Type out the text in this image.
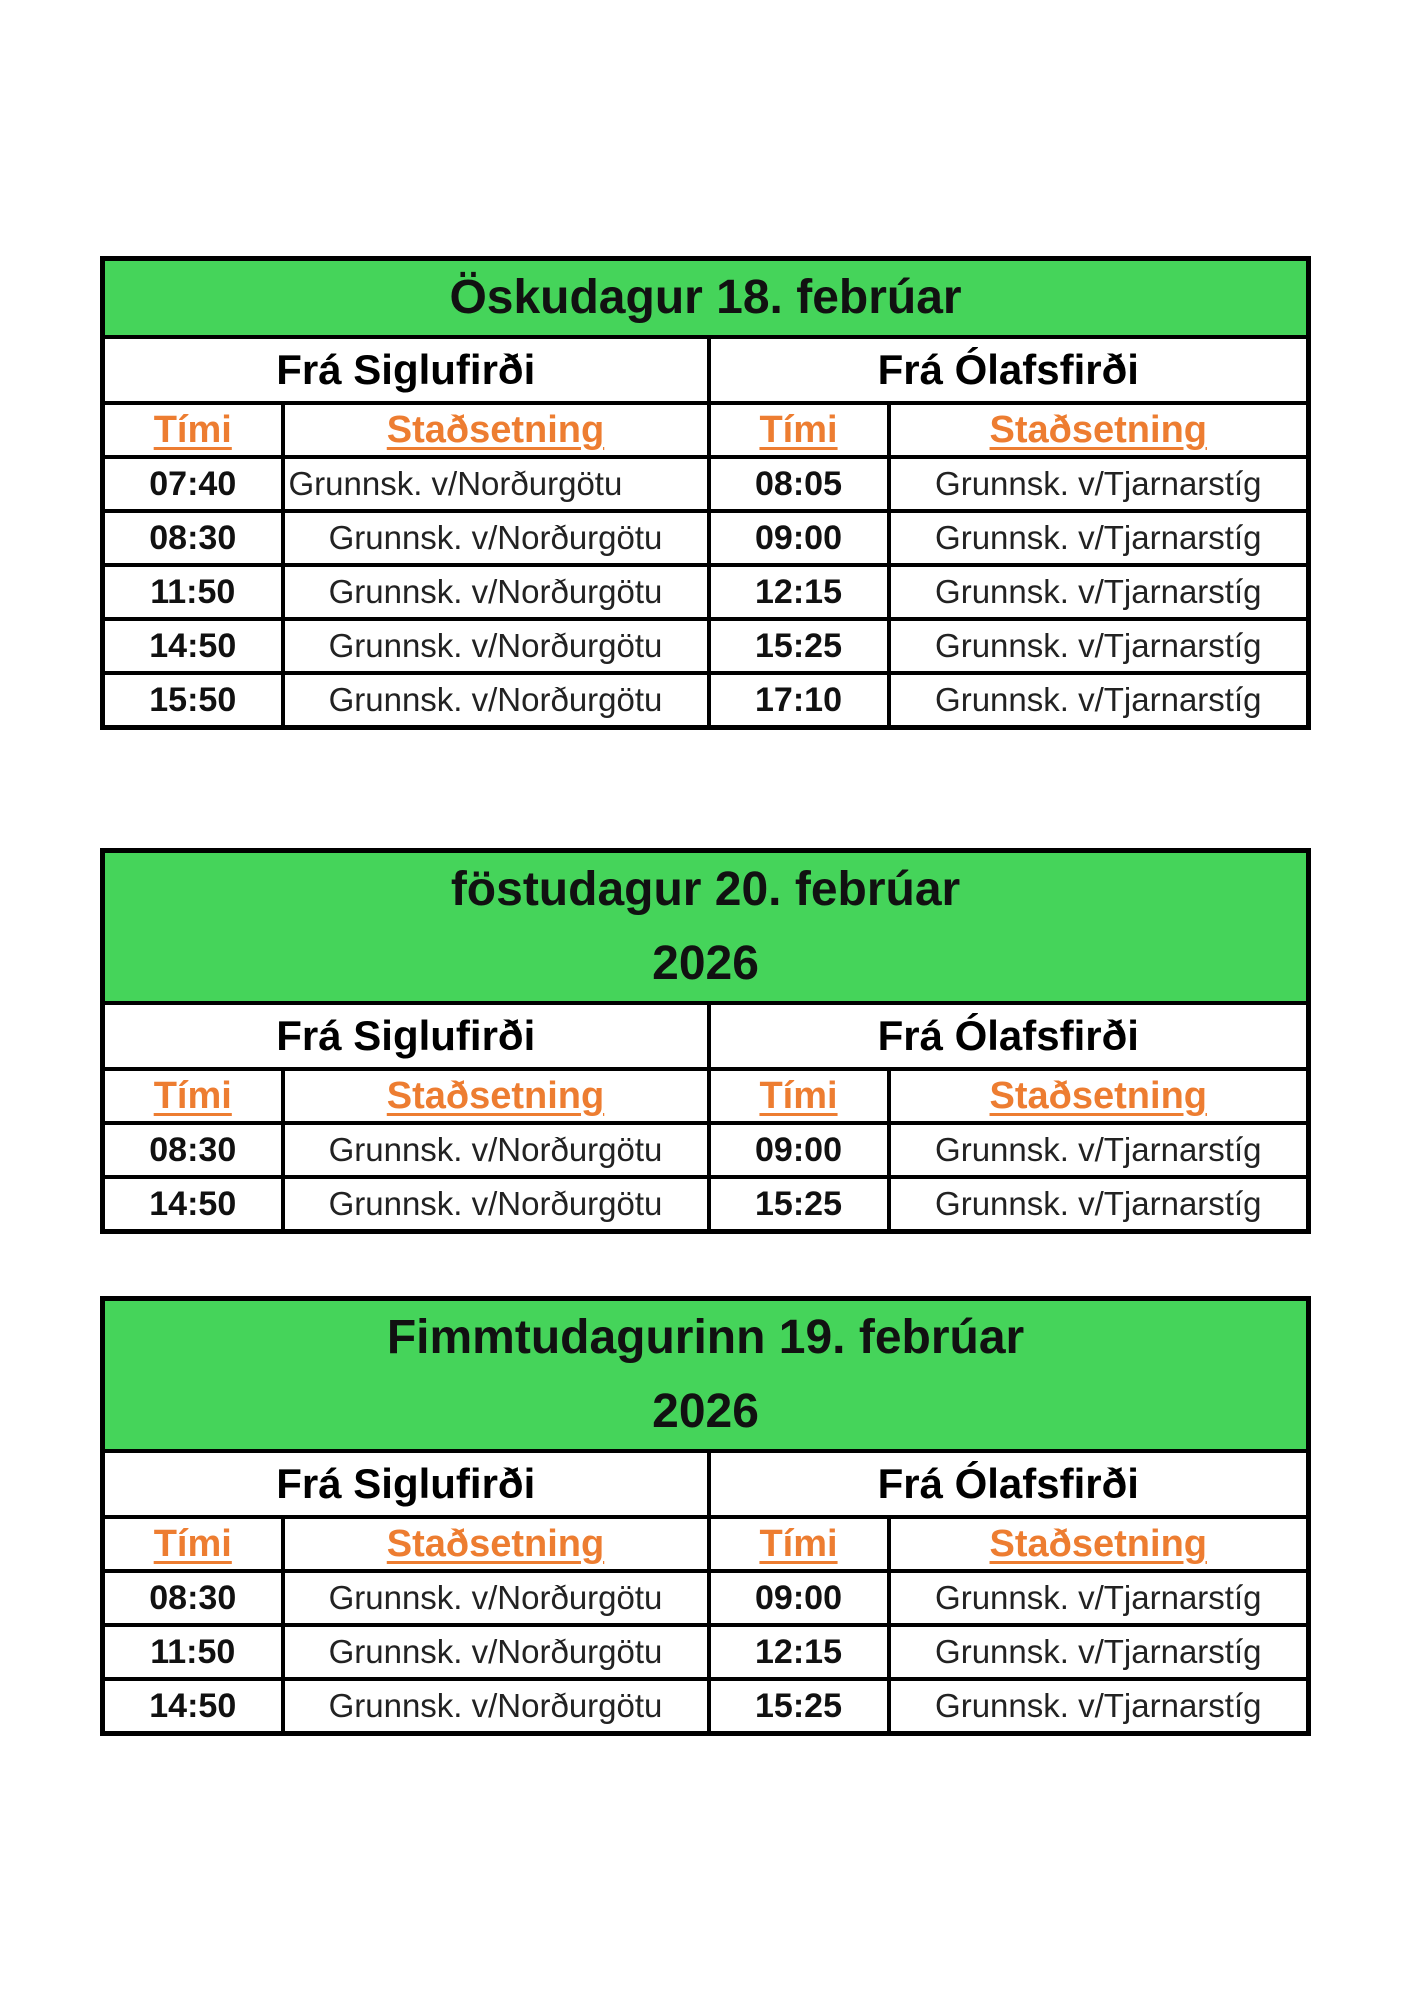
Öskudagur 18. febrúar			

Frá Siglufirði		Frá Ólafsfirði	
Tími	Staðsetning	Tími	Staðsetning
07:40	Grunnsk. v/Norðurgötu	08:05	Grunnsk. v/Tjarnarstíg
08:30	Grunnsk. v/Norðurgötu	09:00	Grunnsk. v/Tjarnarstíg
11:50	Grunnsk. v/Norðurgötu	12:15	Grunnsk. v/Tjarnarstíg
14:50	Grunnsk. v/Norðurgötu	15:25	Grunnsk. v/Tjarnarstíg
15:50	Grunnsk. v/Norðurgötu	17:10	Grunnsk. v/Tjarnarstíg
föstudagur 20. febrúar
2026			

Frá Siglufirði		Frá Ólafsfirði	
Tími	Staðsetning	Tími	Staðsetning
08:30	Grunnsk. v/Norðurgötu	09:00	Grunnsk. v/Tjarnarstíg
14:50	Grunnsk. v/Norðurgötu	15:25	Grunnsk. v/Tjarnarstíg
Fimmtudagurinn 19. febrúar
2026			

Frá Siglufirði		Frá Ólafsfirði	
Tími	Staðsetning	Tími	Staðsetning
08:30	Grunnsk. v/Norðurgötu	09:00	Grunnsk. v/Tjarnarstíg
11:50	Grunnsk. v/Norðurgötu	12:15	Grunnsk. v/Tjarnarstíg
14:50	Grunnsk. v/Norðurgötu	15:25	Grunnsk. v/Tjarnarstíg
